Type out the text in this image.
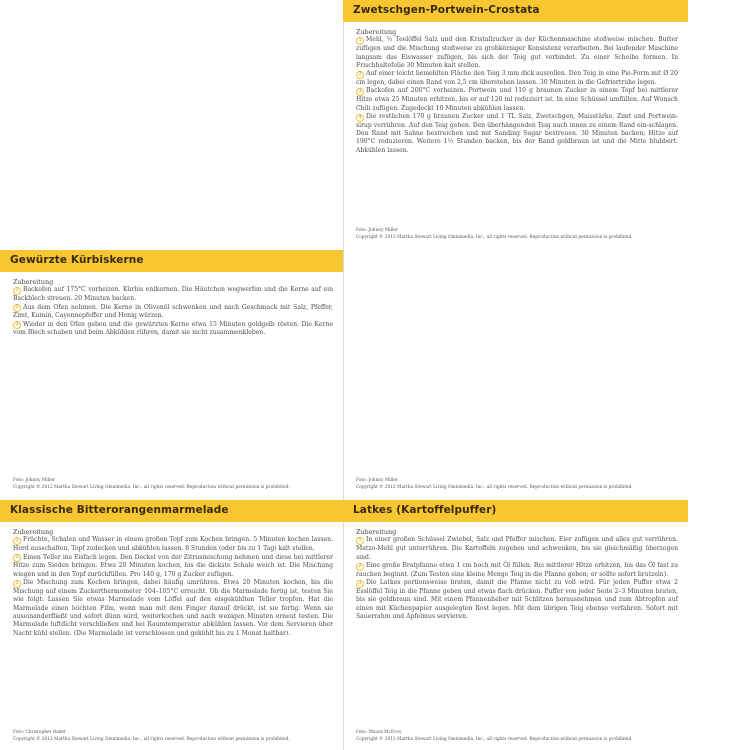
Zwetschgen-Portwein-Crostata
Zubereitung
1 Mehl, ½ Teelöffel Salz und den Kristallzucker in der Küchenmaschine stoßweise mischen. Butter zufügen und die Mischung stoßweise zu grobkörniger Konsistenz verarbeiten. Bei laufender Maschine langsam das Eiswasser zufügen, bis sich der Teig gut verbindet. Zu einer Scheibe formen. In Frischhaltefolie 30 Minuten kalt stellen.
2 Auf einer leicht bemehlten Fläche den Teig 3 mm dick ausrollen. Den Teig in eine Pie-Form mit Ø 20 cm legen, dabei einen Rand von 2,5 cm überstehen lassen. 30 Minuten in die Gefriertruhe legen.
3 Backofen auf 200°C vorheizen. Portwein und 110 g braunen Zucker in einem Topf bei mittlerer Hitze etwa 25 Minuten erhitzen, bis er auf 120 ml reduziert ist. In eine Schüssel umfüllen. Auf Wunsch Chili zufügen. Zugedeckt 10 Minuten abkühlen lassen.
4 Die restlichen 170 g braunen Zucker und 1 TL Salz, Zwetschgen, Maisstärke, Zimt und Portwein-sirup verrühren. Auf den Teig geben. Den überhängenden Teig nach innen zu einem Rand ein-schlagen. Den Rand mit Sahne bestreichen und mit Sanding Sugar bestreuen. 30 Minuten backen; Hitze auf 190°C reduzieren. Weitere 1½ Stunden backen, bis der Rand goldbraun ist und die Mitte blubbert. Abkühlen lassen.
Foto: Johnny Miller
Copyright © 2012 Martha Stewart Living Omnimedia, Inc., all rights reserved. Reproduction without permission is prohibited.
Gewürzte Kürbiskerne
Zubereitung
1 Backofen auf 175°C vorheizen. Kürbis entkernen. Die Häutchen wegwerfen und die Kerne auf ein Backblech streuen. 20 Minuten backen.
2 Aus dem Ofen nehmen. Die Kerne in Olivenöl schwenken und nach Geschmack mit Salz, Pfeffer, Zimt, Kumin, Cayennepfeffer und Honig würzen.
3 Wieder in den Ofen geben und die gewürzten Kerne etwa 15 Minuten goldgelb rösten. Die Kerne vom Blech schaben und beim Abkühlen rühren, damit sie nicht zusammenkleben.
Foto: Johnny Miller
Copyright © 2012 Martha Stewart Living Omnimedia, Inc., all rights reserved. Reproduction without permission is prohibited.
Foto: Johnny Miller
Copyright © 2012 Martha Stewart Living Omnimedia, Inc., all rights reserved. Reproduction without permission is prohibited.
Klassische Bitterorangenmarmelade
Zubereitung
1 Früchte, Schalen und Wasser in einem großen Topf zum Kochen bringen. 5 Minuten kochen lassen. Herd ausschalten, Topf zudecken und abkühlen lassen. 8 Stunden (oder bis zu 1 Tag) kalt stellen.
2 Einen Teller ins Eisfach legen. Den Deckel von der Zitrusmischung nehmen und diese bei mittlerer Hitze zum Sieden bringen. Etwa 20 Minuten kochen, bis die dickste Schale weich ist. Die Mischung wiegen und in den Topf zurückfüllen. Pro 140 g, 170 g Zucker zufügen.
3 Die Mischung zum Kochen bringen, dabei häufig umrühren. Etwa 20 Minuten kochen, bis die Mischung auf einem Zuckerthermometer 104–105°C erreicht. Ob die Marmelade fertig ist, testen Sie wie folgt: Lassen Sie etwas Marmelade vom Löffel auf den eisgekühlten Teller tropfen. Hat die Marmelade einen leichten Film, wenn man mit dem Finger darauf drückt, ist sie fertig. Wenn sie auseinanderfließt und sofort dünn wird, weiterkochen und nach wenigen Minuten erneut testen. Die Marmelade luftdicht verschließen und bei Raumtemperatur abkühlen lassen. Vor dem Servieren über Nacht kühl stellen. (Die Marmelade ist verschlossen und gekühlt bis zu 1 Monat haltbar).
Foto: Christopher Baker
Copyright © 2012 Martha Stewart Living Omnimedia, Inc., all rights reserved. Reproduction without permission is prohibited.
Latkes (Kartoffelpuffer)
Zubereitung
1 In einer großen Schüssel Zwiebel, Salz und Pfeffer mischen. Eier zufügen und alles gut verrühren. Matzo-Mehl gut unterrühren. Die Kartoffeln zugeben und schwenken, bis sie gleichmäßig überzogen sind.
2 Eine große Bratpfanne etwa 1 cm hoch mit Öl füllen. Bei mittlerer Hitze erhitzen, bis das Öl fast zu rauchen beginnt. (Zum Testen eine kleine Menge Teig in die Pfanne geben; er sollte sofort brutzeln).
3 Die Latkes portionsweise braten, damit die Pfanne nicht zu voll wird. Für jeden Puffer etwa 2 Esslöffel Teig in die Pfanne geben und etwas flach drücken. Puffer von jeder Seite 2–3 Minuten braten, bis sie goldbraun sind. Mit einem Pfannenheber mit Schlitzen herausnehmen und zum Abtropfen auf einen mit Küchenpapier ausgelegten Rost legen. Mit dem übrigen Teig ebenso verfahren. Sofort mit Sauerrahm und Apfelmus servieren.
Foto: Maura McEvoy
Copyright © 2012 Martha Stewart Living Omnimedia, Inc., all rights reserved. Reproduction without permission is prohibited.
